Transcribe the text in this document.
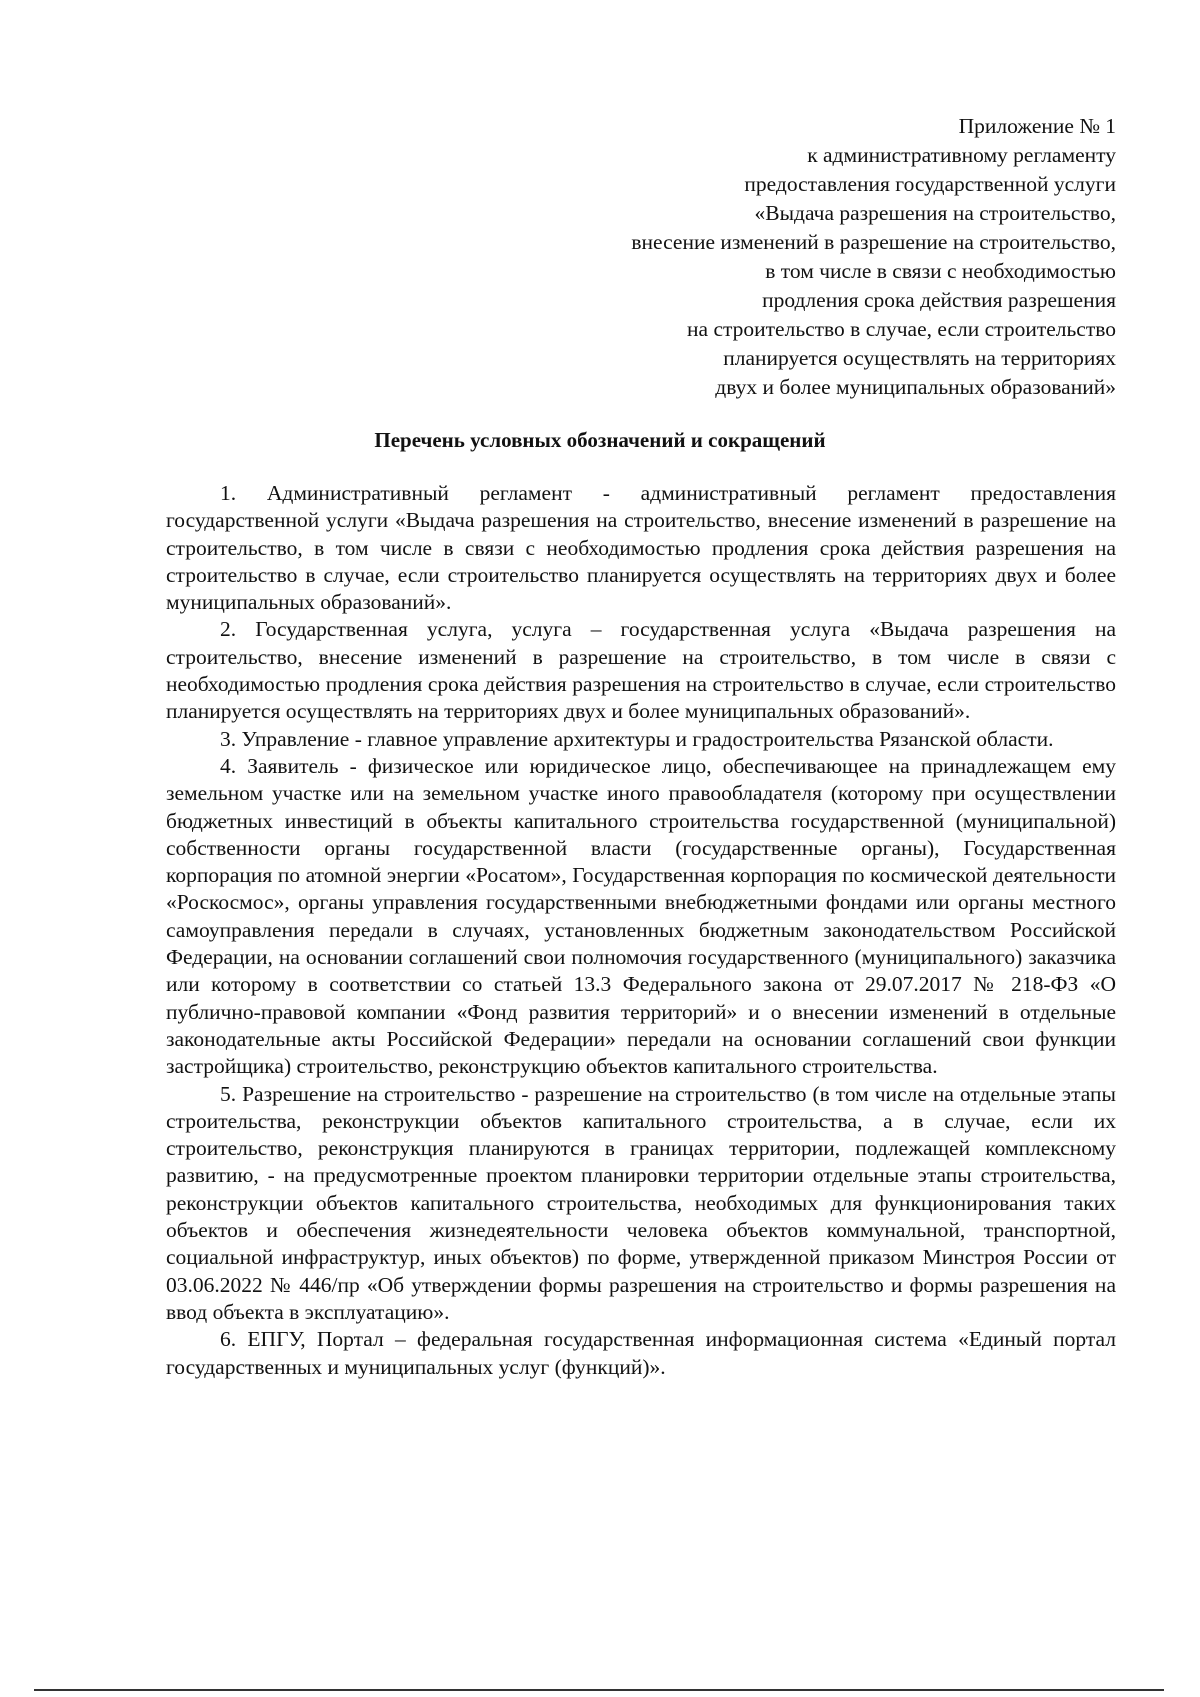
Приложение № 1
к административному регламенту
предоставления государственной услуги
«Выдача разрешения на строительство,
внесение изменений в разрешение на строительство,
в том числе в связи с необходимостью
продления срока действия разрешения
на строительство в случае, если строительство
планируется осуществлять на территориях
двух и более муниципальных образований»
Перечень условных обозначений и сокращений

1. Административный регламент - административный регламент предоставления государственной услуги «Выдача разрешения на строительство, внесение изменений в разрешение на строительство, в том числе в связи с необходимостью продления срока действия разрешения на строительство в случае, если строительство планируется осуществлять на территориях двух и более муниципальных образований».

2. Государственная услуга, услуга – государственная услуга «Выдача разрешения на строительство, внесение изменений в разрешение на строительство, в том числе в связи с необходимостью продления срока действия разрешения на строительство в случае, если строительство планируется осуществлять на территориях двух и более муниципальных образований».

3. Управление - главное управление архитектуры и градостроительства Рязанской области.

4. Заявитель - физическое или юридическое лицо, обеспечивающее на принадлежащем ему земельном участке или на земельном участке иного правообладателя (которому при осуществлении бюджетных инвестиций в объекты капитального строительства государственной (муниципальной) собственности органы государственной власти (государственные органы), Государственная корпорация по атомной энергии «Росатом», Государственная корпорация по космической деятельности «Роскосмос», органы управления государственными внебюджетными фондами или органы местного самоуправления передали в случаях, установленных бюджетным законодательством Российской Федерации, на основании соглашений свои полномочия государственного (муниципального) заказчика или которому в соответствии со статьей 13.3 Федерального закона от 29.07.2017 № 218-ФЗ «О публично-правовой компании «Фонд развития территорий» и о внесении изменений в отдельные законодательные акты Российской Федерации» передали на основании соглашений свои функции застройщика) строительство, реконструкцию объектов капитального строительства.

5. Разрешение на строительство - разрешение на строительство (в том числе на отдельные этапы строительства, реконструкции объектов капитального строительства, а в случае, если их строительство, реконструкция планируются в границах территории, подлежащей комплексному развитию, - на предусмотренные проектом планировки территории отдельные этапы строительства, реконструкции объектов капитального строительства, необходимых для функционирования таких объектов и обеспечения жизнедеятельности человека объектов коммунальной, транспортной, социальной инфраструктур, иных объектов) по форме, утвержденной приказом Минстроя России от 03.06.2022 № 446/пр «Об утверждении формы разрешения на строительство и формы разрешения на ввод объекта в эксплуатацию».

6. ЕПГУ, Портал – федеральная государственная информационная система «Единый портал государственных и муниципальных услуг (функций)».
